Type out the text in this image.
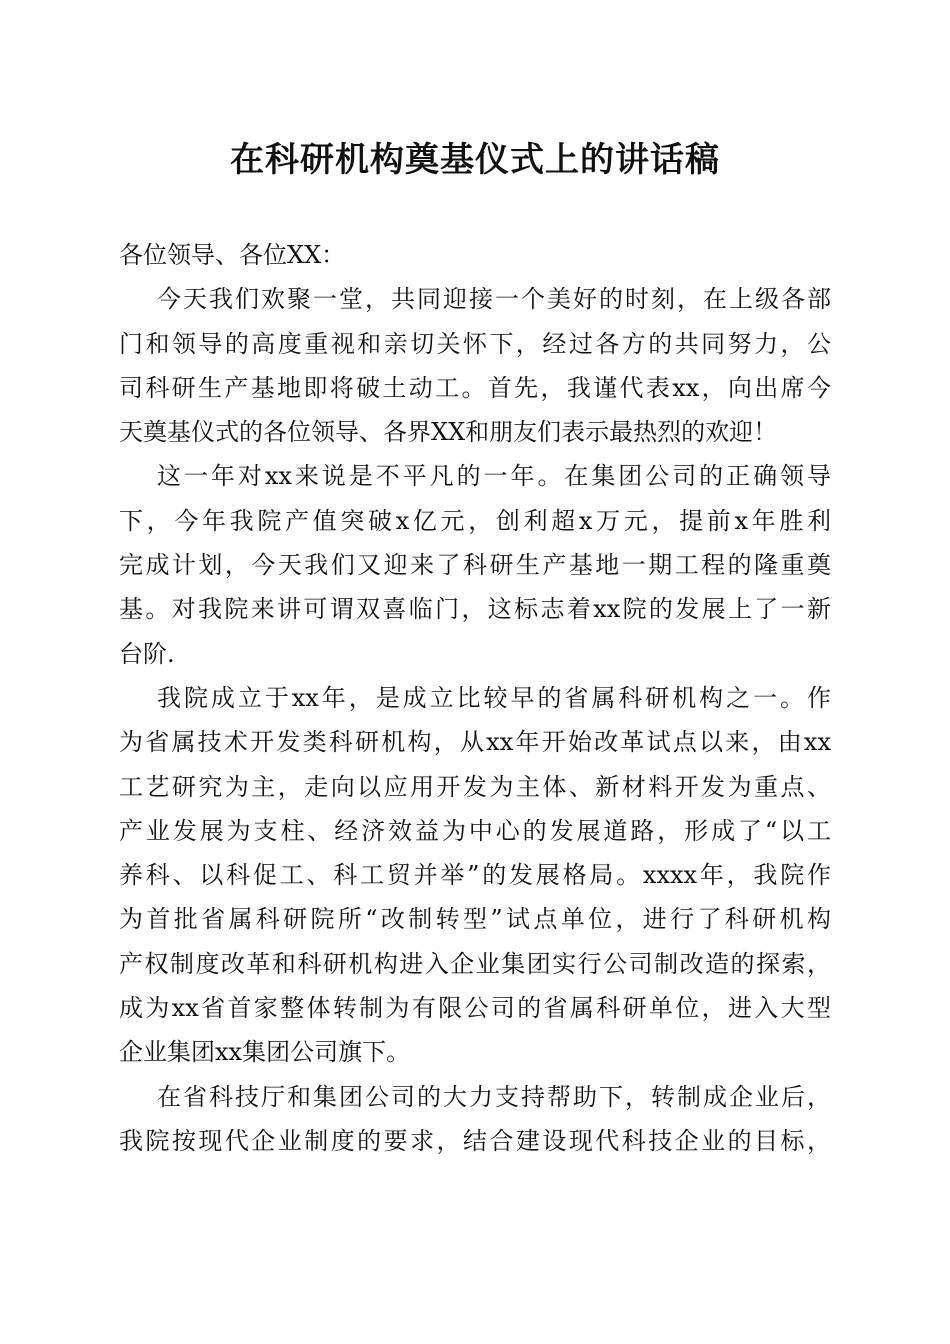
在科研机构奠基仪式上的讲话稿
各位领导、各位XX：
今天我们欢聚一堂，共同迎接一个美好的时刻，在上级各部
门和领导的高度重视和亲切关怀下，经过各方的共同努力，公
司科研生产基地即将破土动工。首先，我谨代表xx，向出席今
天奠基仪式的各位领导、各界XX和朋友们表示最热烈的欢迎！
这一年对xx来说是不平凡的一年。在集团公司的正确领导
下，今年我院产值突破x亿元，创利超x万元，提前x年胜利
完成计划，今天我们又迎来了科研生产基地一期工程的隆重奠
基。对我院来讲可谓双喜临门，这标志着xx院的发展上了一新
台阶.
我院成立于xx年，是成立比较早的省属科研机构之一。作
为省属技术开发类科研机构，从xx年开始改革试点以来，由xx
工艺研究为主，走向以应用开发为主体、新材料开发为重点、
产业发展为支柱、经济效益为中心的发展道路，形成了“以工
养科、以科促工、科工贸并举”的发展格局。xxxx年，我院作
为首批省属科研院所“改制转型”试点单位，进行了科研机构
产权制度改革和科研机构进入企业集团实行公司制改造的探索，
成为xx省首家整体转制为有限公司的省属科研单位，进入大型
企业集团xx集团公司旗下。
在省科技厅和集团公司的大力支持帮助下，转制成企业后，
我院按现代企业制度的要求，结合建设现代科技企业的目标，
